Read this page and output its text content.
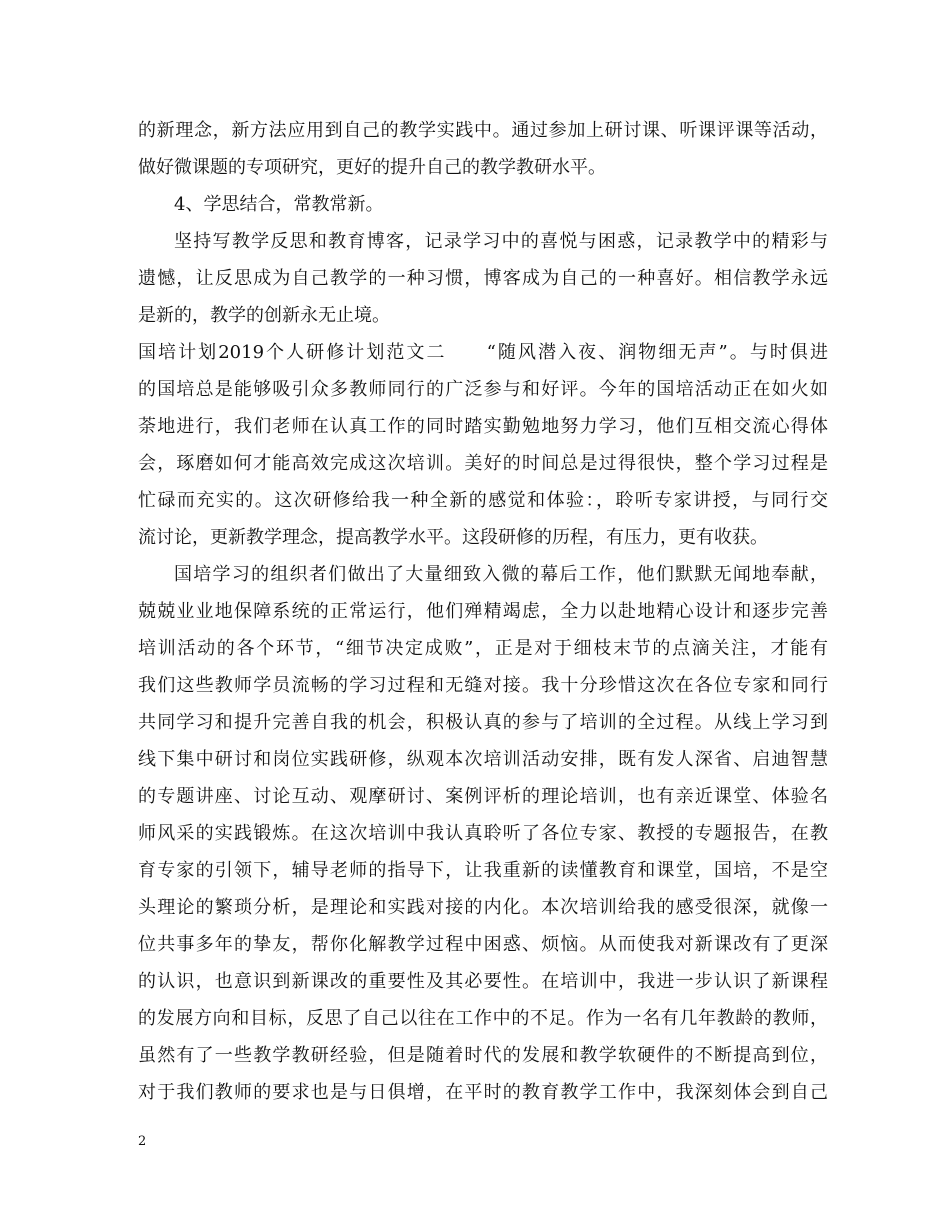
的新理念，新方法应用到自己的教学实践中。通过参加上研讨课、听课评课等活动，
做好微课题的专项研究，更好的提升自己的教学教研水平。
4、学思结合，常教常新。
坚持写教学反思和教育博客，记录学习中的喜悦与困惑，记录教学中的精彩与
遗憾，让反思成为自己教学的一种习惯，博客成为自己的一种喜好。相信教学永远
是新的，教学的创新永无止境。
国培计划2019个人研修计划范文二　　“随风潜入夜、润物细无声”。与时俱进
的国培总是能够吸引众多教师同行的广泛参与和好评。今年的国培活动正在如火如
荼地进行，我们老师在认真工作的同时踏实勤勉地努力学习，他们互相交流心得体
会，琢磨如何才能高效完成这次培训。美好的时间总是过得很快，整个学习过程是
忙碌而充实的。这次研修给我一种全新的感觉和体验：，聆听专家讲授，与同行交
流讨论，更新教学理念，提高教学水平。这段研修的历程，有压力，更有收获。
国培学习的组织者们做出了大量细致入微的幕后工作，他们默默无闻地奉献，
兢兢业业地保障系统的正常运行，他们殚精竭虑，全力以赴地精心设计和逐步完善
培训活动的各个环节，“细节决定成败”，正是对于细枝末节的点滴关注，才能有
我们这些教师学员流畅的学习过程和无缝对接。我十分珍惜这次在各位专家和同行
共同学习和提升完善自我的机会，积极认真的参与了培训的全过程。从线上学习到
线下集中研讨和岗位实践研修，纵观本次培训活动安排，既有发人深省、启迪智慧
的专题讲座、讨论互动、观摩研讨、案例评析的理论培训，也有亲近课堂、体验名
师风采的实践锻炼。在这次培训中我认真聆听了各位专家、教授的专题报告，在教
育专家的引领下，辅导老师的指导下，让我重新的读懂教育和课堂，国培，不是空
头理论的繁琐分析，是理论和实践对接的内化。本次培训给我的感受很深，就像一
位共事多年的挚友，帮你化解教学过程中困惑、烦恼。从而使我对新课改有了更深
的认识，也意识到新课改的重要性及其必要性。在培训中，我进一步认识了新课程
的发展方向和目标，反思了自己以往在工作中的不足。作为一名有几年教龄的教师，
虽然有了一些教学教研经验，但是随着时代的发展和教学软硬件的不断提高到位，
对于我们教师的要求也是与日俱增，在平时的教育教学工作中，我深刻体会到自己
2
